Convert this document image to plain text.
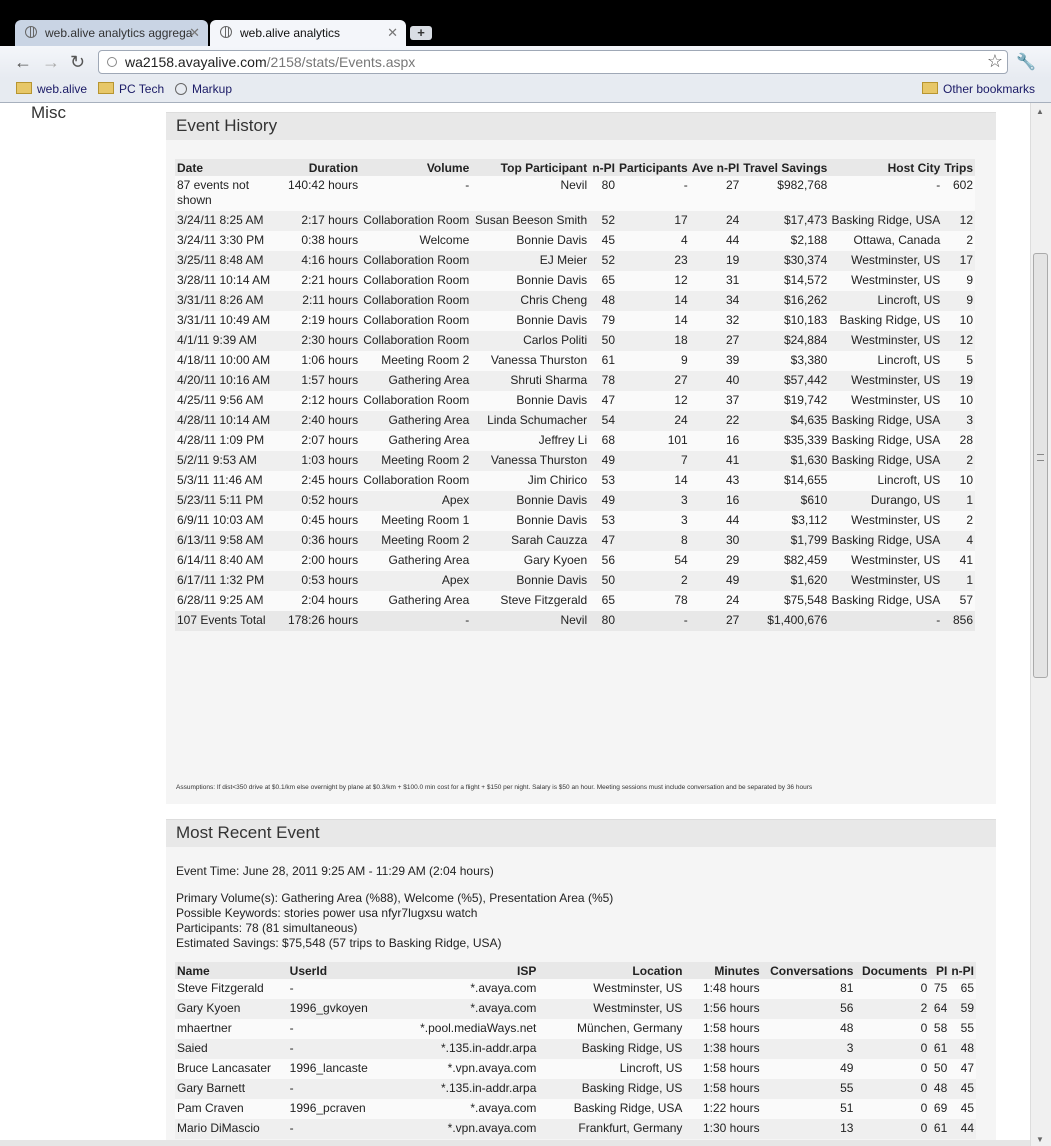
web.alive analytics aggrega
✕	web.alive analytics	✕	+
← → ↻	wa2158.avayalive.com/2158/stats/Events.aspx	☆ 🔧
web.alive	PC Tech	Markup	Other bookmarks
Misc
Event History
Date	Duration	Volume	Top Participant	n-PI	Participants	Ave n-PI	Travel Savings	Host City	Trips
87 events not shown	140:42 hours	-	Nevil	80	-	27	$982,768	-	602
3/24/11 8:25 AM	2:17 hours	Collaboration Room	Susan Beeson Smith	52	17	24	$17,473	Basking Ridge, USA	12
3/24/11 3:30 PM	0:38 hours	Welcome	Bonnie Davis	45	4	44	$2,188	Ottawa, Canada	2
3/25/11 8:48 AM	4:16 hours	Collaboration Room	EJ Meier	52	23	19	$30,374	Westminster, US	17
3/28/11 10:14 AM	2:21 hours	Collaboration Room	Bonnie Davis	65	12	31	$14,572	Westminster, US	9
3/31/11 8:26 AM	2:11 hours	Collaboration Room	Chris Cheng	48	14	34	$16,262	Lincroft, US	9
3/31/11 10:49 AM	2:19 hours	Collaboration Room	Bonnie Davis	79	14	32	$10,183	Basking Ridge, US	10
4/1/11 9:39 AM	2:30 hours	Collaboration Room	Carlos Politi	50	18	27	$24,884	Westminster, US	12
4/18/11 10:00 AM	1:06 hours	Meeting Room 2	Vanessa Thurston	61	9	39	$3,380	Lincroft, US	5
4/20/11 10:16 AM	1:57 hours	Gathering Area	Shruti Sharma	78	27	40	$57,442	Westminster, US	19
4/25/11 9:56 AM	2:12 hours	Collaboration Room	Bonnie Davis	47	12	37	$19,742	Westminster, US	10
4/28/11 10:14 AM	2:40 hours	Gathering Area	Linda Schumacher	54	24	22	$4,635	Basking Ridge, USA	3
4/28/11 1:09 PM	2:07 hours	Gathering Area	Jeffrey Li	68	101	16	$35,339	Basking Ridge, USA	28
5/2/11 9:53 AM	1:03 hours	Meeting Room 2	Vanessa Thurston	49	7	41	$1,630	Basking Ridge, USA	2
5/3/11 11:46 AM	2:45 hours	Collaboration Room	Jim Chirico	53	14	43	$14,655	Lincroft, US	10
5/23/11 5:11 PM	0:52 hours	Apex	Bonnie Davis	49	3	16	$610	Durango, US	1
6/9/11 10:03 AM	0:45 hours	Meeting Room 1	Bonnie Davis	53	3	44	$3,112	Westminster, US	2
6/13/11 9:58 AM	0:36 hours	Meeting Room 2	Sarah Cauzza	47	8	30	$1,799	Basking Ridge, USA	4
6/14/11 8:40 AM	2:00 hours	Gathering Area	Gary Kyoen	56	54	29	$82,459	Westminster, US	41
6/17/11 1:32 PM	0:53 hours	Apex	Bonnie Davis	50	2	49	$1,620	Westminster, US	1
6/28/11 9:25 AM	2:04 hours	Gathering Area	Steve Fitzgerald	65	78	24	$75,548	Basking Ridge, USA	57
107 Events Total	178:26 hours	-	Nevil	80	-	27	$1,400,676	-	856
Assumptions: If dist<350 drive at $0.1/km else overnight by plane at $0.3/km + $100.0 min cost for a flight + $150 per night. Salary is $50 an hour. Meeting sessions must include conversation and be separated by 36 hours
Most Recent Event
Event Time: June 28, 2011 9:25 AM - 11:29 AM (2:04 hours)
Primary Volume(s): Gathering Area (%88), Welcome (%5), Presentation Area (%5)
Possible Keywords: stories power usa nfyr7lugxsu watch
Participants: 78 (81 simultaneous)
Estimated Savings: $75,548 (57 trips to Basking Ridge, USA)
Name	UserId	ISP	Location	Minutes	Conversations	Documents	PI	n-PI
Steve Fitzgerald	-	*.avaya.com	Westminster, US	1:48 hours	81	0	75	65
Gary Kyoen	1996_gvkoyen	*.avaya.com	Westminster, US	1:56 hours	56	2	64	59
mhaertner	-	*.pool.mediaWays.net	München, Germany	1:58 hours	48	0	58	55
Saied	-	*.135.in-addr.arpa	Basking Ridge, US	1:38 hours	3	0	61	48
Bruce Lancasater	1996_lancaste	*.vpn.avaya.com	Lincroft, US	1:58 hours	49	0	50	47
Gary Barnett	-	*.135.in-addr.arpa	Basking Ridge, US	1:58 hours	55	0	48	45
Pam Craven	1996_pcraven	*.avaya.com	Basking Ridge, USA	1:22 hours	51	0	69	45
Mario DiMascio	-	*.vpn.avaya.com	Frankfurt, Germany	1:30 hours	13	0	61	44
▲
▼
